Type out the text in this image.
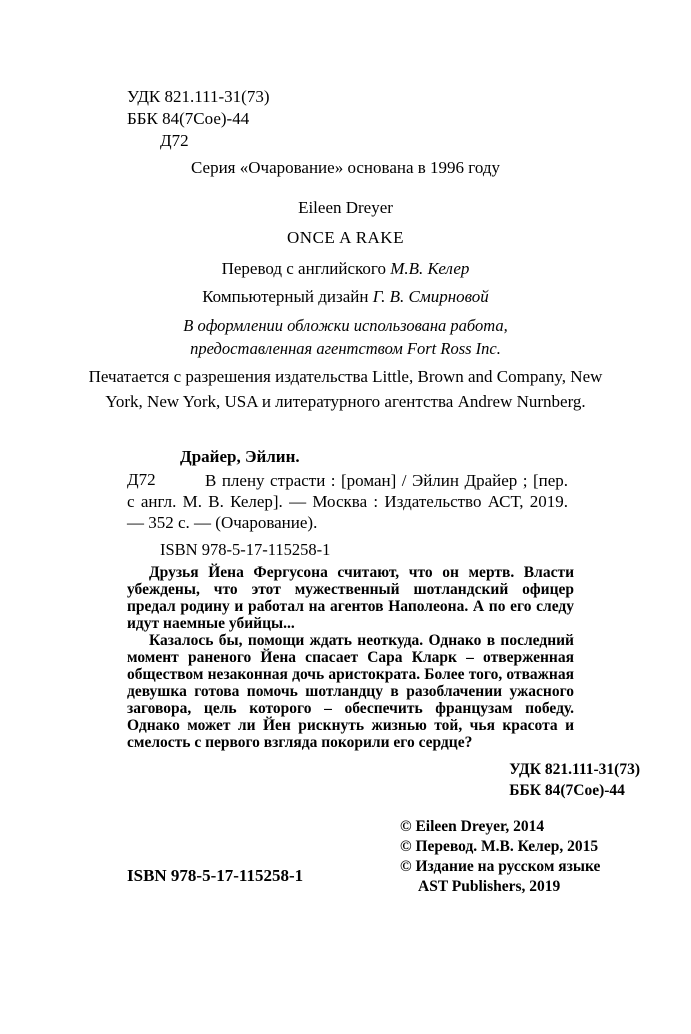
УДК 821.111-31(73)
ББК 84(7Сое)-44
Д72
Серия «Очарование» основана в 1996 году
Eileen Dreyer
ONCE A RAKE
Перевод с английского М.В. Келер
Компьютерный дизайн Г. В. Смирновой
В оформлении обложки использована работа,
предоставленная агентством Fort Ross Inc.
Печатается с разрешения издательства Little, Brown and Company, New York, New York, USA и литературного агентства Andrew Nurnberg.
Драйер, Эйлин.
Д72	В плену страсти : [роман] / Эйлин Драйер ; [пер. с англ. М. В. Келер]. — Москва : Издательство АСТ, 2019. — 352 с. — (Очарование).

ISBN 978-5-17-115258-1

Друзья Йена Фергусона считают, что он мертв. Власти убеждены, что этот мужественный шотландский офицер предал родину и работал на агентов Наполеона. А по его следу идут наемные убийцы...

Казалось бы, помощи ждать неоткуда. Однако в последний момент раненого Йена спасает Сара Кларк – отверженная обществом незаконная дочь аристократа. Более того, отважная девушка готова помочь шотландцу в разоблачении ужасного заговора, цель которого – обеспечить французам победу. Однако может ли Йен рискнуть жизнью той, чья красота и смелость с первого взгляда покорили его сердце?

УДК 821.111-31(73)
ББК 84(7Сое)-44
© Eileen Dreyer, 2014
© Перевод. М.В. Келер, 2015
© Издание на русском языке
AST Publishers, 2019
ISBN 978-5-17-115258-1
